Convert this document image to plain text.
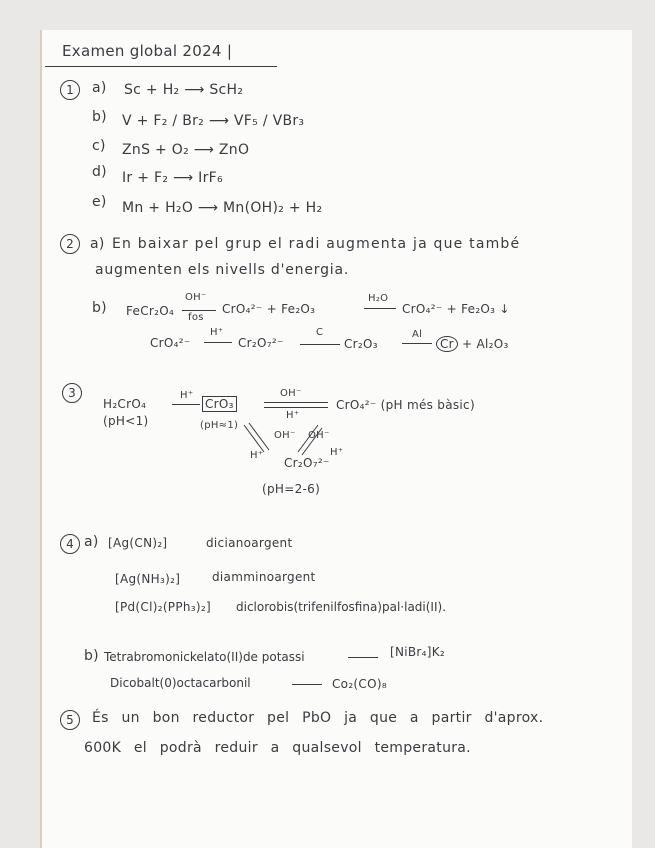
Examen global 2024 |
1	a) Sc + H₂ ⟶ ScH₂
b) V + F₂ / Br₂ ⟶ VF₅ / VBr₃
c) ZnS + O₂ ⟶ ZnO
d) Ir + F₂ ⟶ IrF₆
e) Mn + H₂O ⟶ Mn(OH)₂ + H₂
2	a) En baixar pel grup el radi augmenta ja que també
augmenten els nivells d'energia.
b) FeCr₂O₄
OH⁻
fos
CrO₄²⁻ + Fe₂O₃
H₂O
CrO₄²⁻ + Fe₂O₃ ↓
CrO₄²⁻
H⁺
Cr₂O₇²⁻
C
Cr₂O₃
Al
Cr + Al₂O₃
3
H₂CrO₄
(pH<1)
H⁺
CrO₃
(pH≈1)
OH⁻
H⁺
CrO₄²⁻ (pH més bàsic)
OH⁻
H⁺
OH⁻
H⁺
Cr₂O₇²⁻
(pH=2-6)
4 a) [Ag(CN)₂]	dicianoargent
[Ag(NH₃)₂]	diamminoargent
[Pd(Cl)₂(PPh₃)₂] diclorobis(trifenilfosfina)pal·ladi(II).
b) Tetrabromonickelato(II)de potassi	[NiBr₄]K₂
Dicobalt(0)octacarbonil	Co₂(CO)₈
5	És un bon reductor pel PbO ja que a partir d'aprox.
600K el podrà reduir a qualsevol temperatura.
